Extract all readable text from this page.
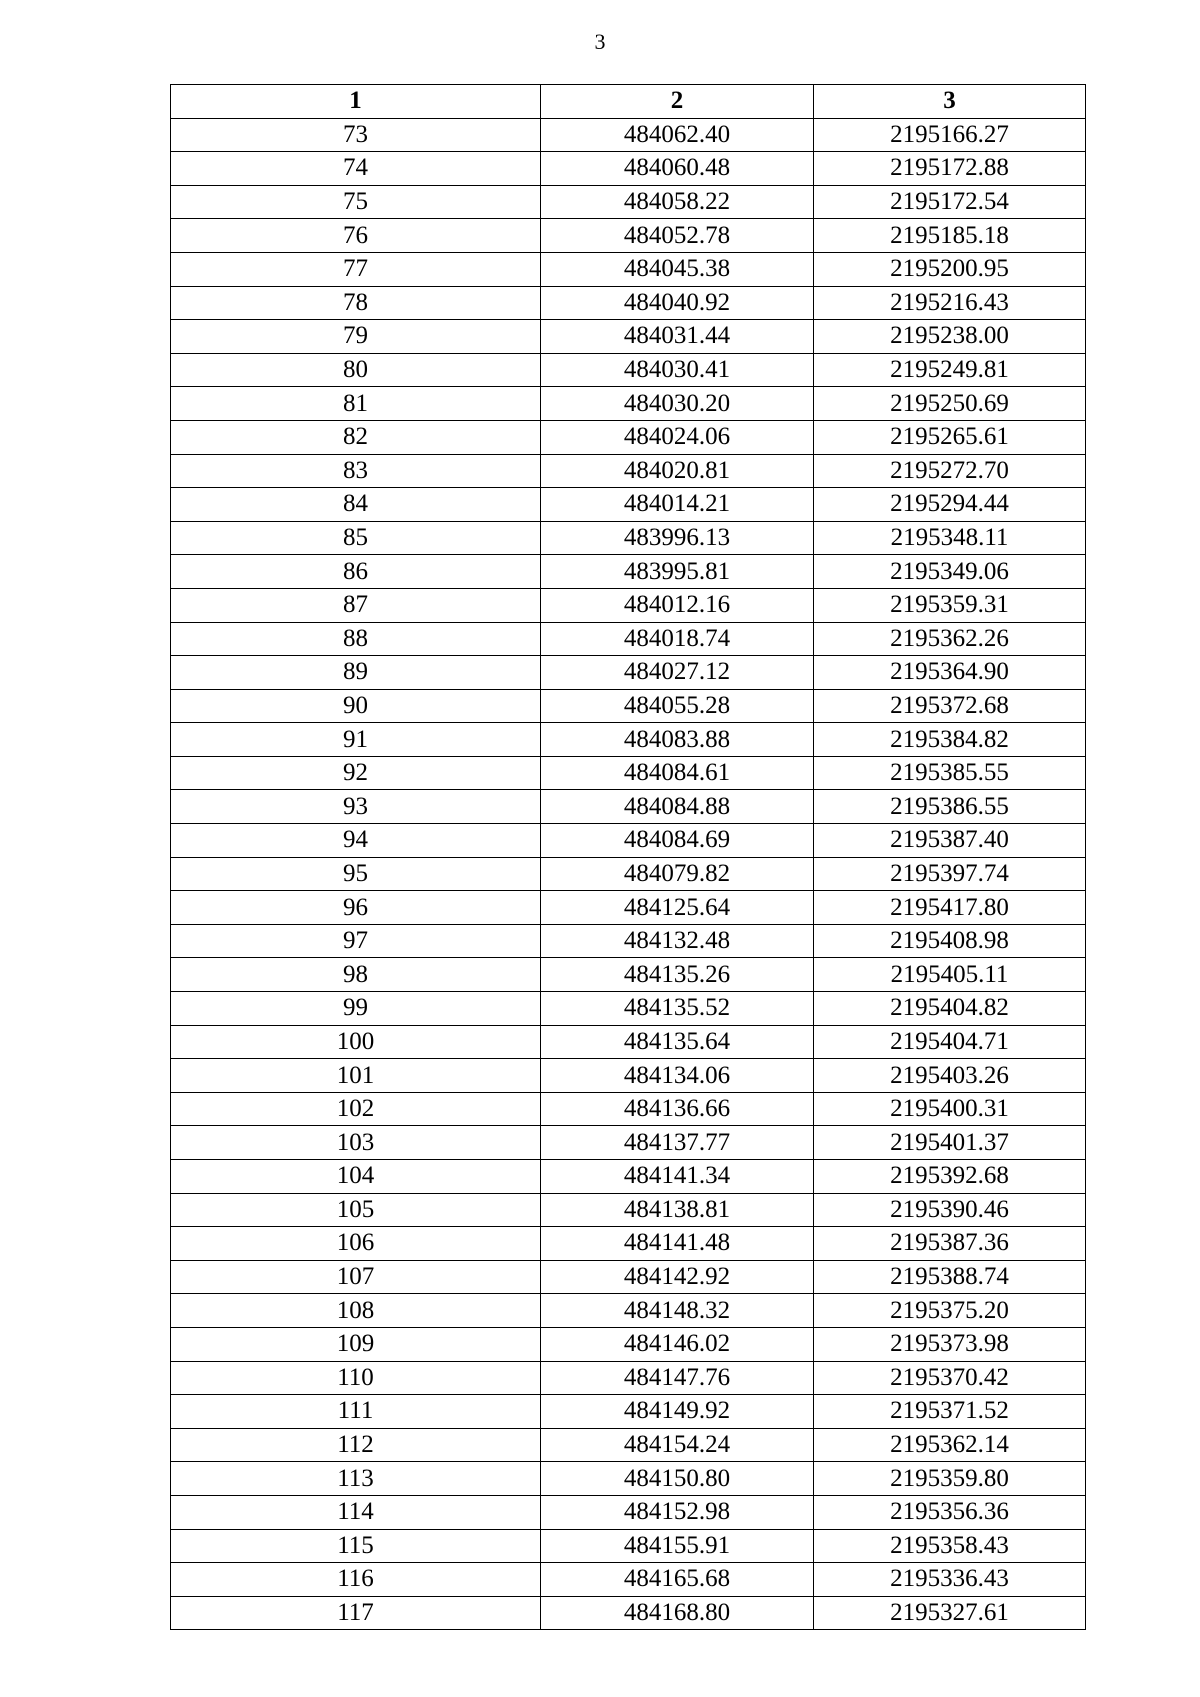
3
1	2	3
73	484062.40	2195166.27
74	484060.48	2195172.88
75	484058.22	2195172.54
76	484052.78	2195185.18
77	484045.38	2195200.95
78	484040.92	2195216.43
79	484031.44	2195238.00
80	484030.41	2195249.81
81	484030.20	2195250.69
82	484024.06	2195265.61
83	484020.81	2195272.70
84	484014.21	2195294.44
85	483996.13	2195348.11
86	483995.81	2195349.06
87	484012.16	2195359.31
88	484018.74	2195362.26
89	484027.12	2195364.90
90	484055.28	2195372.68
91	484083.88	2195384.82
92	484084.61	2195385.55
93	484084.88	2195386.55
94	484084.69	2195387.40
95	484079.82	2195397.74
96	484125.64	2195417.80
97	484132.48	2195408.98
98	484135.26	2195405.11
99	484135.52	2195404.82
100	484135.64	2195404.71
101	484134.06	2195403.26
102	484136.66	2195400.31
103	484137.77	2195401.37
104	484141.34	2195392.68
105	484138.81	2195390.46
106	484141.48	2195387.36
107	484142.92	2195388.74
108	484148.32	2195375.20
109	484146.02	2195373.98
110	484147.76	2195370.42
111	484149.92	2195371.52
112	484154.24	2195362.14
113	484150.80	2195359.80
114	484152.98	2195356.36
115	484155.91	2195358.43
116	484165.68	2195336.43
117	484168.80	2195327.61
